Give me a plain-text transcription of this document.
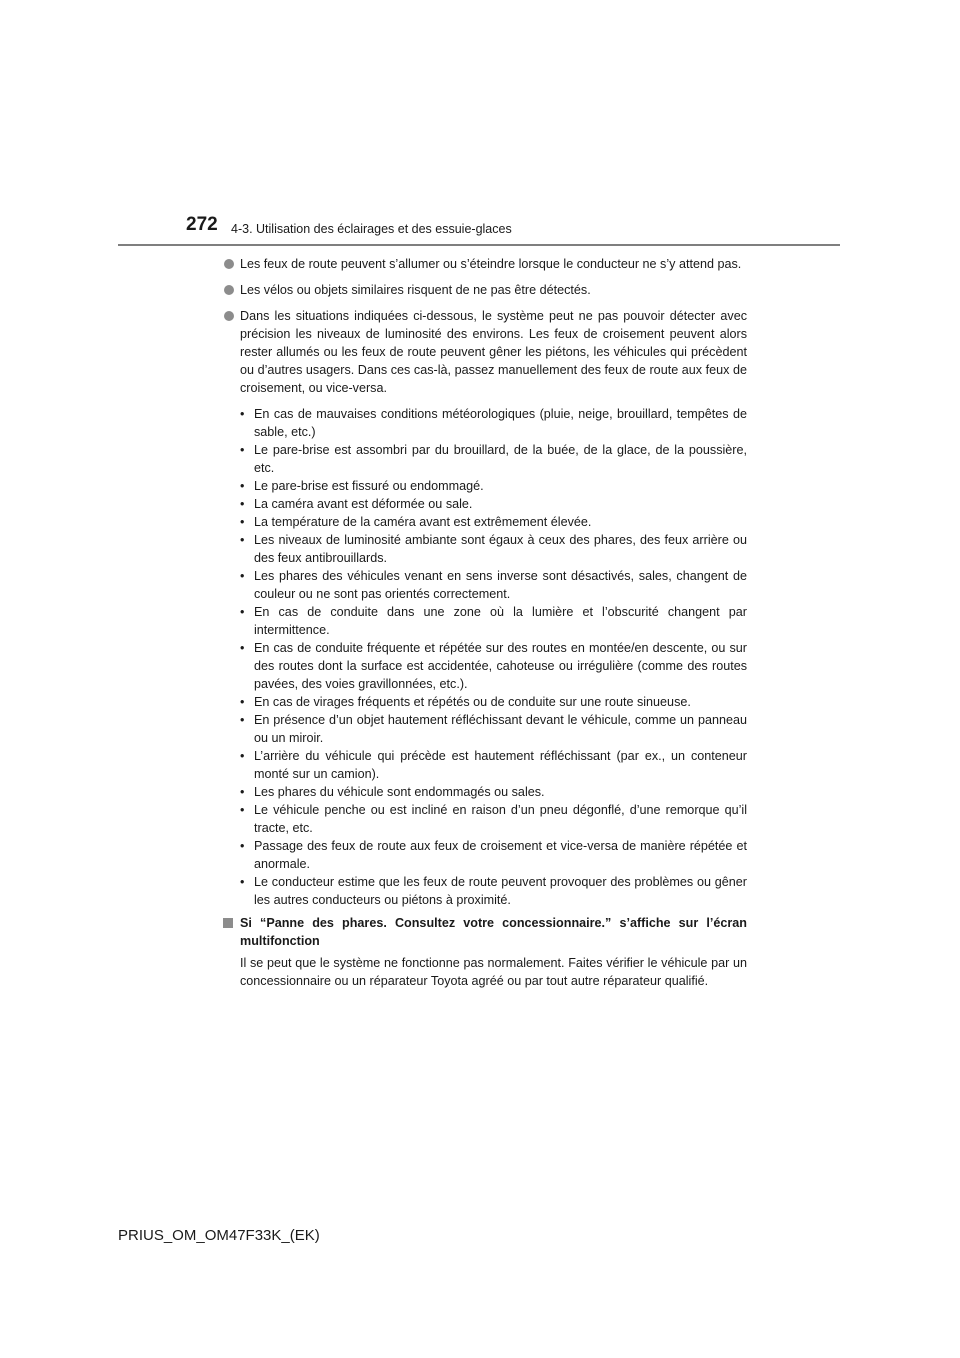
272 4-3. Utilisation des éclairages et des essuie-glaces

Les feux de route peuvent s’allumer ou s’éteindre lorsque le conducteur ne s’y attend pas.

Les vélos ou objets similaires risquent de ne pas être détectés.

Dans les situations indiquées ci-dessous, le système peut ne pas pouvoir détecter avec précision les niveaux de luminosité des environs. Les feux de croisement peuvent alors rester allumés ou les feux de route peuvent gêner les piétons, les véhicules qui précèdent ou d’autres usagers. Dans ces cas-là, passez manuellement des feux de route aux feux de croisement, ou vice-versa.

• En cas de mauvaises conditions météorologiques (pluie, neige, brouillard, tempêtes de sable, etc.)
• Le pare-brise est assombri par du brouillard, de la buée, de la glace, de la poussière, etc.
• Le pare-brise est fissuré ou endommagé.
• La caméra avant est déformée ou sale.
• La température de la caméra avant est extrêmement élevée.
• Les niveaux de luminosité ambiante sont égaux à ceux des phares, des feux arrière ou des feux antibrouillards.
• Les phares des véhicules venant en sens inverse sont désactivés, sales, changent de couleur ou ne sont pas orientés correctement.
• En cas de conduite dans une zone où la lumière et l’obscurité changent par intermittence.
• En cas de conduite fréquente et répétée sur des routes en montée/en descente, ou sur des routes dont la surface est accidentée, cahoteuse ou irrégulière (comme des routes pavées, des voies gravillonnées, etc.).
• En cas de virages fréquents et répétés ou de conduite sur une route sinueuse.
• En présence d’un objet hautement réfléchissant devant le véhicule, comme un panneau ou un miroir.
• L’arrière du véhicule qui précède est hautement réfléchissant (par ex., un conteneur monté sur un camion).
• Les phares du véhicule sont endommagés ou sales.
• Le véhicule penche ou est incliné en raison d’un pneu dégonflé, d’une remorque qu’il tracte, etc.
• Passage des feux de route aux feux de croisement et vice-versa de manière répétée et anormale.
• Le conducteur estime que les feux de route peuvent provoquer des problèmes ou gêner les autres conducteurs ou piétons à proximité.

Si “Panne des phares. Consultez votre concessionnaire.” s’affiche sur l’écran multifonction

Il se peut que le système ne fonctionne pas normalement. Faites vérifier le véhicule par un concessionnaire ou un réparateur Toyota agréé ou par tout autre réparateur qualifié.

PRIUS_OM_OM47F33K_(EK)
